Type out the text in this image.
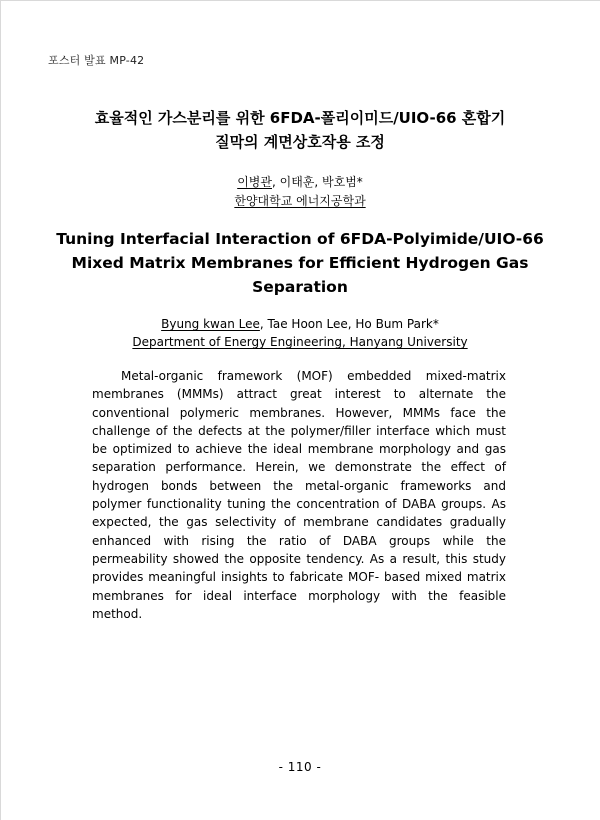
포스터 발표 MP-42
효율적인 가스분리를 위한 6FDA-폴리이미드/UIO-66 혼합기
질막의 계면상호작용 조정
이병관, 이태훈, 박호범*
한양대학교 에너지공학과
Tuning Interfacial Interaction of 6FDA-Polyimide/UIO-66
Mixed Matrix Membranes for Efficient Hydrogen Gas
Separation
Byung kwan Lee, Tae Hoon Lee, Ho Bum Park*
Department of Energy Engineering, Hanyang University
Metal-organic framework (MOF) embedded mixed-matrix membranes (MMMs) attract great interest to alternate the conventional polymeric membranes. However, MMMs face the challenge of the defects at the polymer/filler interface which must be optimized to achieve the ideal membrane morphology and gas separation performance. Herein, we demonstrate the effect of hydrogen bonds between the metal-organic frameworks and polymer functionality tuning the concentration of DABA groups. As expected, the gas selectivity of membrane candidates gradually enhanced with rising the ratio of DABA groups while the permeability showed the opposite tendency. As a result, this study provides meaningful insights to fabricate MOF- based mixed matrix membranes for ideal interface morphology with the feasible method.
- 110 -
